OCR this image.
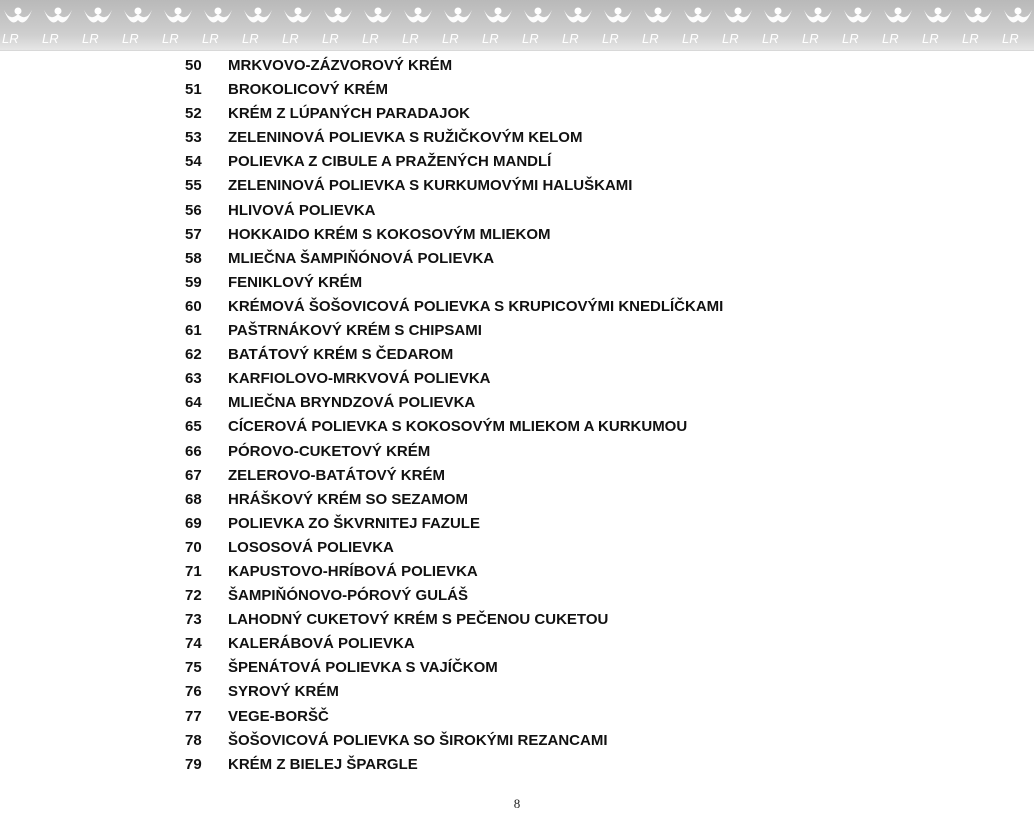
LR LR LR LR LR LR LR LR LR LR LR LR LR LR LR LR LR LR LR LR LR LR LR LR LR LR
50	MRKVOVO-ZÁZVOROVÝ KRÉM
51	BROKOLICOVÝ KRÉM
52	KRÉM Z LÚPANÝCH PARADAJOK
53	ZELENINOVÁ POLIEVKA S RUŽIČKOVÝM KELOM
54	POLIEVKA Z CIBULE A PRAŽENÝCH MANDLÍ
55	ZELENINOVÁ POLIEVKA S KURKUMOVÝMI HALUŠKAMI
56	HLIVOVÁ POLIEVKA
57	HOKKAIDO KRÉM S KOKOSOVÝM MLIEKOM
58	MLIEČNA ŠAMPIŇÓNOVÁ POLIEVKA
59	FENIKLOVÝ KRÉM
60	KRÉMOVÁ ŠOŠOVICOVÁ POLIEVKA S KRUPICOVÝMI KNEDLÍČKAMI
61	PAŠTRNÁKOVÝ KRÉM S CHIPSAMI
62	BATÁTOVÝ KRÉM S ČEDAROM
63	KARFIOLOVO-MRKVOVÁ POLIEVKA
64	MLIEČNA BRYNDZOVÁ POLIEVKA
65	CÍCEROVÁ POLIEVKA S KOKOSOVÝM MLIEKOM A KURKUMOU
66	PÓROVO-CUKETOVÝ KRÉM
67	ZELEROVO-BATÁTOVÝ KRÉM
68	HRÁŠKOVÝ KRÉM SO SEZAMOM
69	POLIEVKA ZO ŠKVRNITEJ FAZULE
70	LOSOSOVÁ POLIEVKA
71	KAPUSTOVO-HRÍBOVÁ POLIEVKA
72	ŠAMPIŇÓNOVO-PÓROVÝ GULÁŠ
73	LAHODNÝ CUKETOVÝ KRÉM S PEČENOU CUKETOU
74	KALERÁBOVÁ POLIEVKA
75	ŠPENÁTOVÁ POLIEVKA S VAJÍČKOM
76	SYROVÝ KRÉM
77	VEGE-BORŠČ
78	ŠOŠOVICOVÁ POLIEVKA SO ŠIROKÝMI REZANCAMI
79	KRÉM Z BIELEJ ŠPARGLE
8
